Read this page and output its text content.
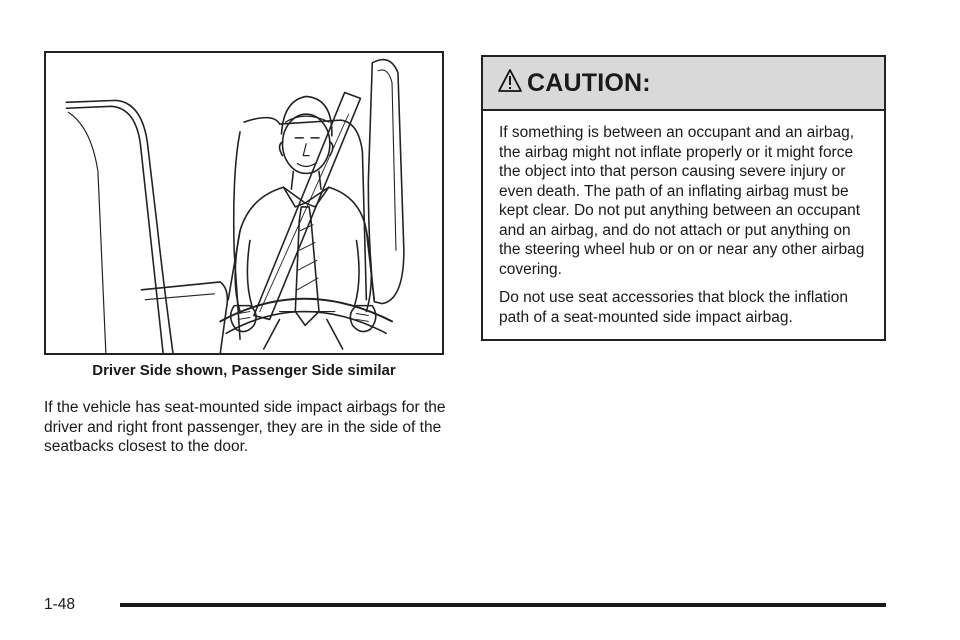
Driver Side shown, Passenger Side similar

If the vehicle has seat-mounted side impact airbags for the driver and right front passenger, they are in the side of the seatbacks closest to the door.

CAUTION:

If something is between an occupant and an airbag, the airbag might not inflate properly or it might force the object into that person causing severe injury or even death. The path of an inflating airbag must be kept clear. Do not put anything between an occupant and an airbag, and do not attach or put anything on the steering wheel hub or on or near any other airbag covering.

Do not use seat accessories that block the inflation path of a seat-mounted side impact airbag.

1-48
